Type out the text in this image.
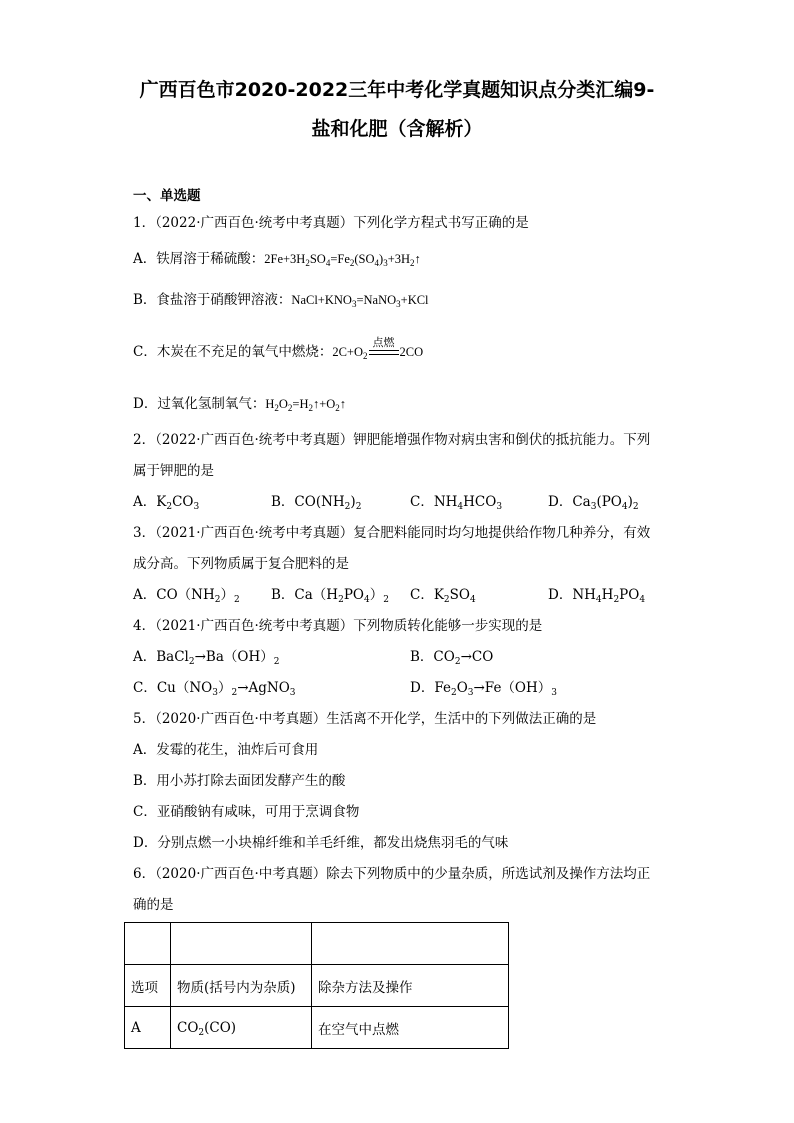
广西百色市2020-2022三年中考化学真题知识点分类汇编9-
盐和化肥（含解析）
一、单选题
1．（2022·广西百色·统考中考真题）下列化学方程式书写正确的是
A．铁屑溶于稀硫酸：$2Fe+3H_2SO_4=Fe_2(SO_4)_3+3H_2↑$
B．食盐溶于硝酸钾溶液：$NaCl+KNO_3=NaNO_3+KCl$
C．木炭在不充足的氧气中燃烧：$2C+O_2$
点燃
2CO
D．过氧化氢制氧气：$H_2O_2=H_2↑+O_2↑$
2．（2022·广西百色·统考中考真题）钾肥能增强作物对病虫害和倒伏的抵抗能力。下列
属于钾肥的是
A．$K_2CO_3$	B．$CO(NH_2)_2$	C．$NH_4HCO_3$	D．$Ca_3(PO_4)_2$
3．（2021·广西百色·统考中考真题）复合肥料能同时均匀地提供给作物几种养分，有效
成分高。下列物质属于复合肥料的是
A．$CO(NH_2)_2$ B．$Ca(H_2PO_4)_2$ C．$K_2SO_4$	D．$NH_4H_2PO_4$
4．（2021·广西百色·统考中考真题）下列物质转化能够一步实现的是
A．$BaCl_2\to Ba(OH)_2$	B．$CO_2\to CO$
C．$Cu(NO_3)_2\to AgNO_3$	D．$Fe_2O_3\to Fe(OH)_3$
5．（2020·广西百色·中考真题）生活离不开化学，生活中的下列做法正确的是
A．发霉的花生，油炸后可食用
B．用小苏打除去面团发酵产生的酸
C．亚硝酸钠有咸味，可用于烹调食物
D．分别点燃一小块棉纤维和羊毛纤维，都发出烧焦羽毛的气味
6．（2020·广西百色·中考真题）除去下列物质中的少量杂质，所选试剂及操作方法均正
确的是

选项	物质(括号内为杂质)	除杂方法及操作
A	$CO_2(CO)$	在空气中点燃
